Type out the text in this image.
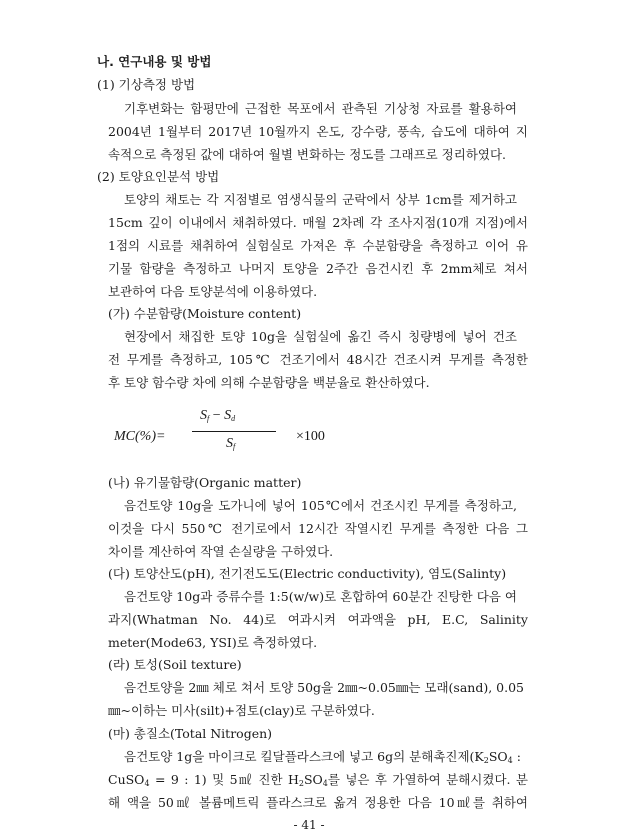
나. 연구내용 및 방법
(1) 기상측정 방법
기후변화는 함평만에 근접한 목포에서 관측된 기상청 자료를 활용하여
2004년 1월부터 2017년 10월까지 온도, 강수량, 풍속, 습도에 대하여 지
속적으로 측정된 값에 대하여 월별 변화하는 정도를 그래프로 정리하였다.
(2) 토양요인분석 방법
토양의 채토는 각 지점별로 염생식물의 군락에서 상부 1cm를 제거하고
15cm 깊이 이내에서 채취하였다. 매월 2차례 각 조사지점(10개 지점)에서
1점의 시료를 채취하여 실험실로 가져온 후 수분함량을 측정하고 이어 유
기물 함량을 측정하고 나머지 토양을 2주간 음건시킨 후 2mm체로 쳐서
보관하여 다음 토양분석에 이용하였다.
(가) 수분함량(Moisture content)
현장에서 채집한 토양 10g을 실험실에 옮긴 즉시 칭량병에 넣어 건조
전 무게를 측정하고, 105℃ 건조기에서 48시간 건조시켜 무게를 측정한
후 토양 함수량 차에 의해 수분함량을 백분율로 환산하였다.
MC(%)=
$S_f - S_d$
$S_f$
×100
(나) 유기물함량(Organic matter)
음건토양 10g을 도가니에 넣어 105℃에서 건조시킨 무게를 측정하고,
이것을 다시 550℃ 전기로에서 12시간 작열시킨 무게를 측정한 다음 그
차이를 계산하여 작열 손실량을 구하였다.
(다) 토양산도(pH), 전기전도도(Electric conductivity), 염도(Salinty)
음건토양 10g과 증류수를 1:5(w/w)로 혼합하여 60분간 진탕한 다음 여
과지(Whatman No. 44)로 여과시켜 여과액을 pH, E.C, Salinity
meter(Mode63, YSI)로 측정하였다.
(라) 토성(Soil texture)
음건토양을 2㎜ 체로 쳐서 토양 50g을 2㎜~0.05㎜는 모래(sand), 0.05
㎜~이하는 미사(silt)+점토(clay)로 구분하였다.
(마) 총질소(Total Nitrogen)
음건토양 1g을 마이크로 킬달플라스크에 넣고 6g의 분해촉진제($K_2SO_4$ :
CuSO$_4$ = 9 : 1) 및 5㎖ 진한 $H_2SO_4$를 넣은 후 가열하여 분해시켰다. 분
해 액을 50㎖ 볼륨메트릭 플라스크로 옮겨 정용한 다음 10㎖를 취하여
- 41 -
